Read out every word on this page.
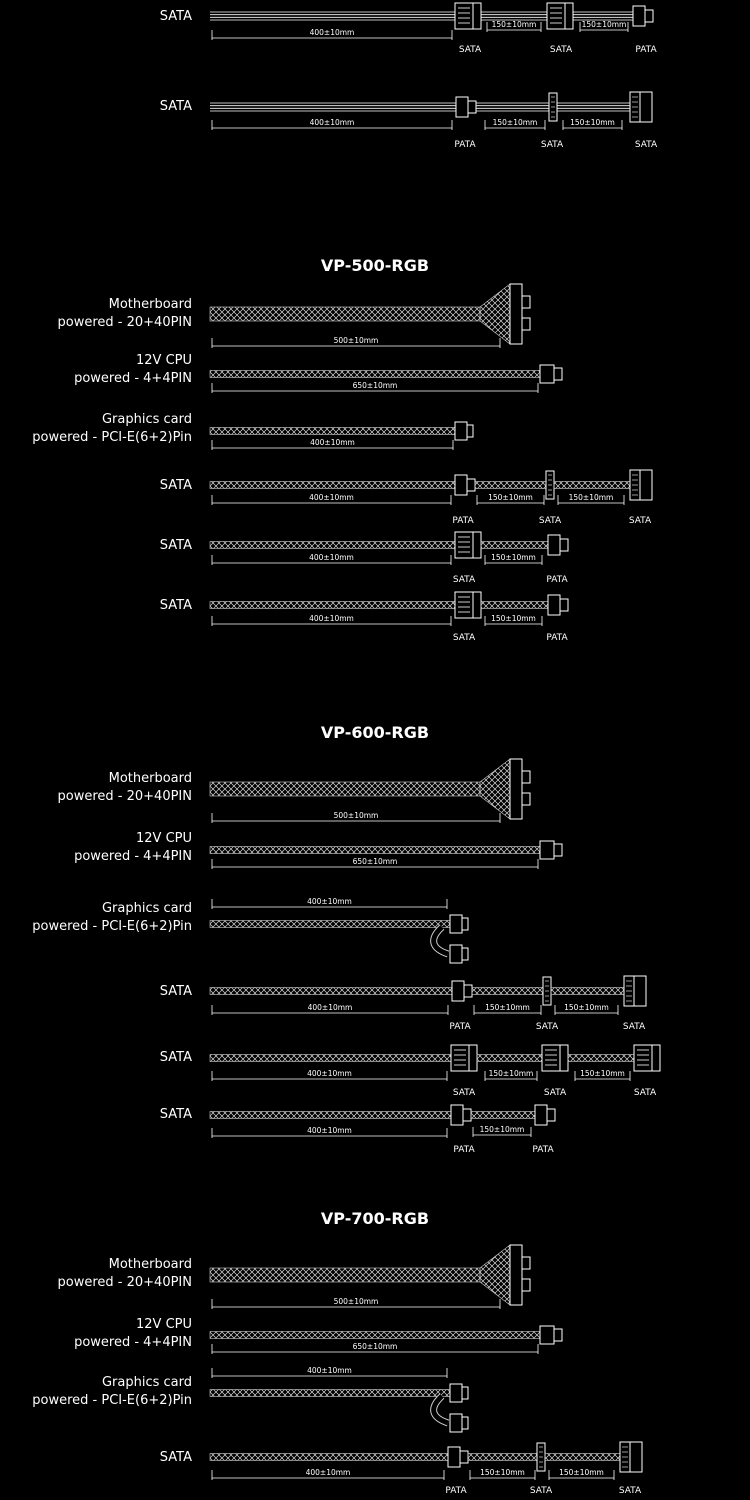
SATA
SATA
VP-500-RGB
Motherboard
powered - 20+40PIN
12V CPU
powered - 4+4PIN
Graphics card
powered - PCI-E(6+2)Pin
SATA
SATA
SATA
VP-600-RGB
Motherboard
powered - 20+40PIN
12V CPU
powered - 4+4PIN
Graphics card
powered - PCI-E(6+2)Pin
SATA
SATA
SATA
VP-700-RGB
Motherboard
powered - 20+40PIN
12V CPU
powered - 4+4PIN
Graphics card
powered - PCI-E(6+2)Pin
SATA
400±10mm
150±10mm	150±10mm
SATA	SATA	PATA
400±10mm	150±10mm	150±10mm
PATA	SATA	SATA
500±10mm
650±10mm
400±10mm
400±10mm	150±10mm	150±10mm
PATA	SATA	SATA
400±10mm	150±10mm
SATA	PATA
400±10mm	150±10mm
SATA	PATA
500±10mm
650±10mm
400±10mm
400±10mm	150±10mm	150±10mm
PATA	SATA	SATA
400±10mm	150±10mm	150±10mm
SATA	SATA	SATA
400±10mm	150±10mm
PATA	PATA
500±10mm
650±10mm
400±10mm
400±10mm	150±10mm	150±10mm
PATA	SATA	SATA
